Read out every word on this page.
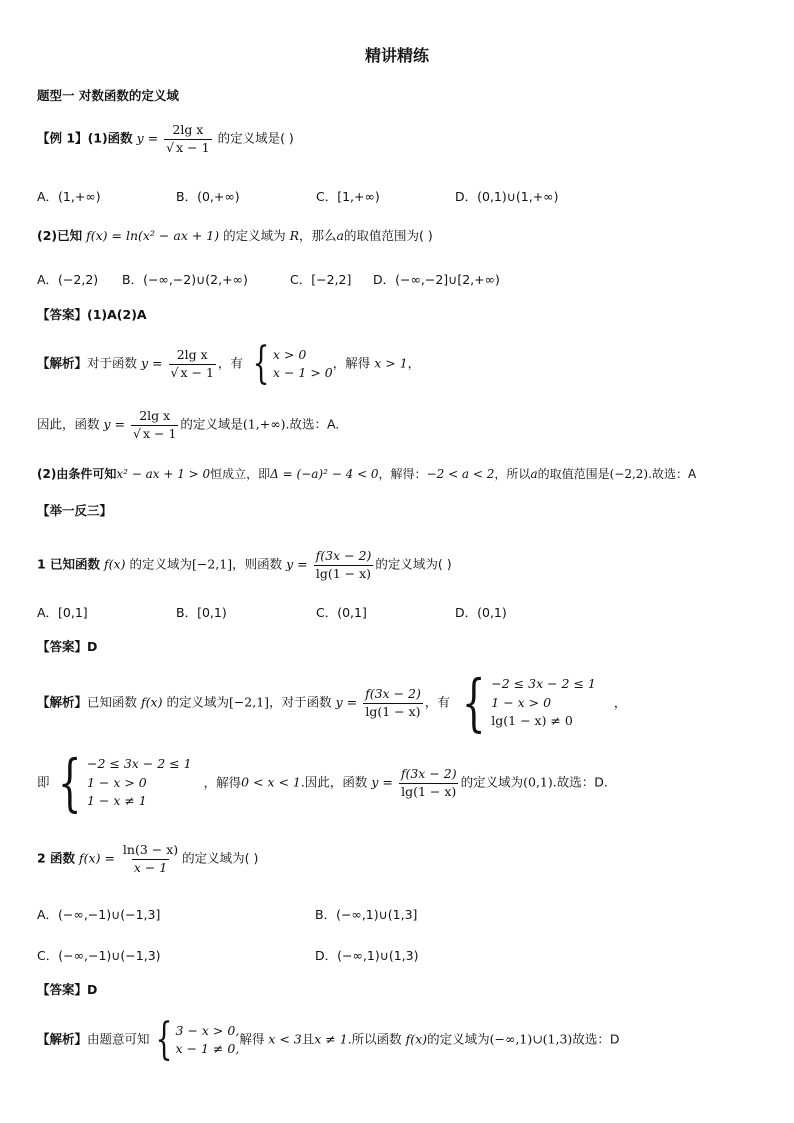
精讲精练
题型一 对数函数的定义域
【例 1】(1)函数 $y = \frac{\text{2lg x}}{√ x - 1}$ 的定义域是( )
A．(1,+∞)	B．(0,+∞)	C．[1,+∞)	D．(0,1)∪(1,+∞)
(2)已知 f(x) = ln(x² − ax + 1) 的定义域为 R，那么a的取值范围为( )
A．(−2,2) B．(−∞,−2)∪(2,+∞)	C．[−2,2] D．(−∞,−2]∪[2,+∞)
【答案】(1)A(2)A
【解析】对于函数 $y = \frac{\text{2lg x}}{√ x - 1}$ ，有 { x > 0
x − 1 > 0
，解得 x > 1，
因此，函数 $y = \frac{\text{2lg x}}{√ x - 1}$ 的定义域是(1,+∞).故选：A.
(2)由条件可知x² − ax + 1 > 0恒成立，即Δ = (−a)² − 4 < 0，解得：−2 < a < 2，所以a的取值范围是(−2,2).故选：A
【举一反三】
1 已知函数 f(x) 的定义域为[−2,1]，则函数 $y = \frac{f(3x - 2)}{\lg(1 - x)}$ 的定义域为( )
A．[0,1]	B．[0,1)	C．(0,1]	D．(0,1)
【答案】D
【解析】已知函数 f(x) 的定义域为[−2,1]，对于函数 $y = \frac{f(3x - 2)}{\lg(1 - x)}$ ，有 { −2 ≤ 3x − 2 ≤ 1
1 − x > 0
lg(1 − x) ≠ 0
，
即 { −2 ≤ 3x − 2 ≤ 1
1 − x > 0
1 − x ≠ 1
，解得0 < x < 1.因此，函数 $y = \frac{f(3x - 2)}{\lg(1 - x)}$ 的定义域为(0,1).故选：D.
2 函数 $f(x) = \frac{\ln(3 - x)}{x - 1}$ 的定义域为( )
A．(−∞,−1)∪(−1,3]	B．(−∞,1)∪(1,3]
C．(−∞,−1)∪(−1,3)	D．(−∞,1)∪(1,3)
【答案】D
【解析】由题意可知 { 3 − x > 0,
x − 1 ≠ 0,
解得 x < 3且x ≠ 1.所以函数 f(x)的定义域为(−∞,1)∪(1,3)故选：D
